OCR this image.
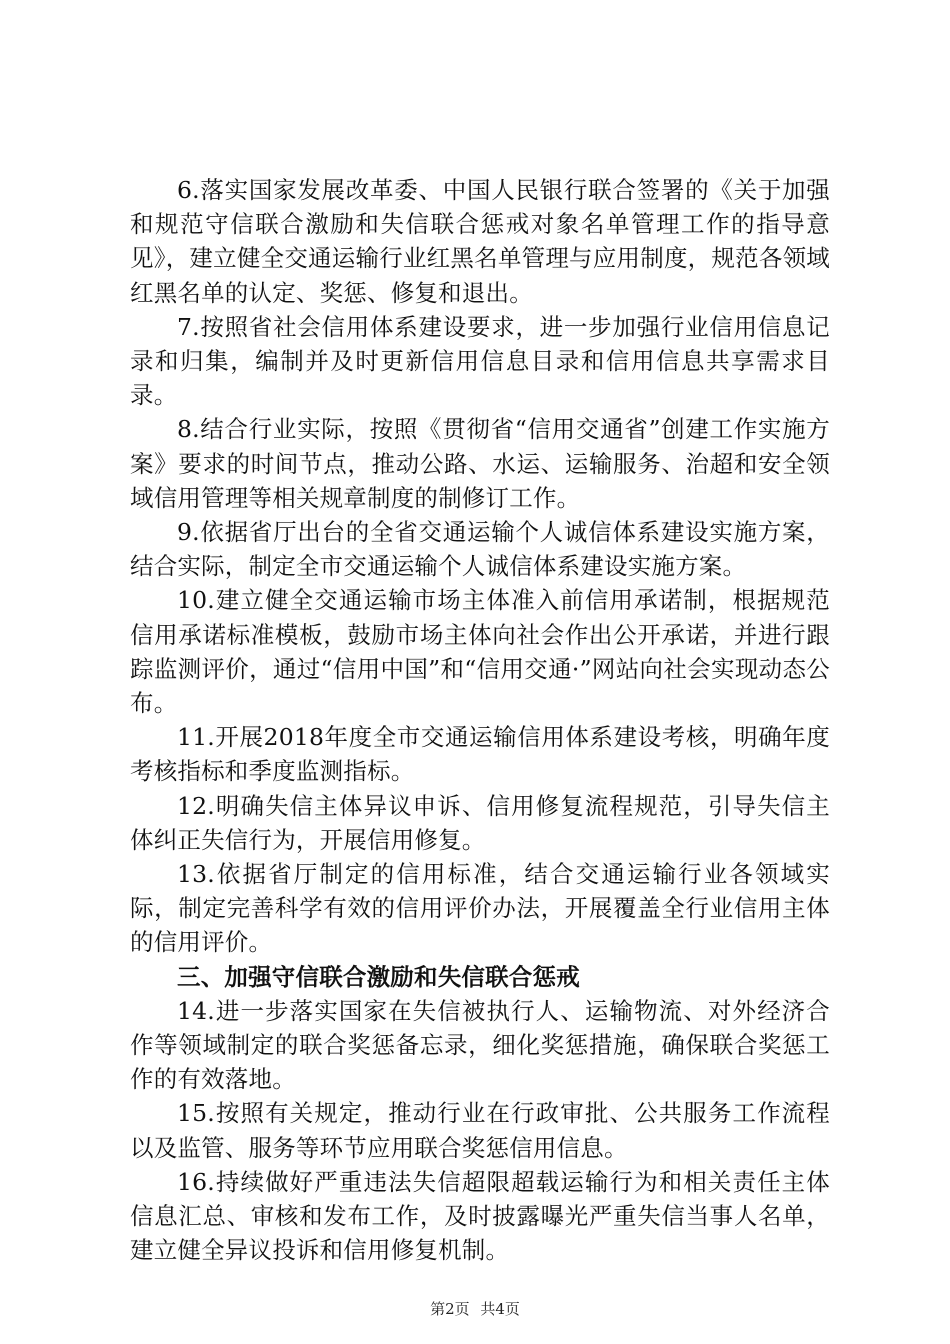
6.落实国家发展改革委、中国人民银行联合签署的《关于加强和规范守信联合激励和失信联合惩戒对象名单管理工作的指导意见》，建立健全交通运输行业红黑名单管理与应用制度，规范各领域红黑名单的认定、奖惩、修复和退出。

7.按照省社会信用体系建设要求，进一步加强行业信用信息记录和归集，编制并及时更新信用信息目录和信用信息共享需求目录。

8.结合行业实际，按照《贯彻省“信用交通省”创建工作实施方案》要求的时间节点，推动公路、水运、运输服务、治超和安全领域信用管理等相关规章制度的制修订工作。

9.依据省厅出台的全省交通运输个人诚信体系建设实施方案，结合实际，制定全市交通运输个人诚信体系建设实施方案。

10.建立健全交通运输市场主体准入前信用承诺制，根据规范信用承诺标准模板，鼓励市场主体向社会作出公开承诺，并进行跟踪监测评价，通过“信用中国”和“信用交通·”网站向社会实现动态公布。

11.开展2018年度全市交通运输信用体系建设考核，明确年度考核指标和季度监测指标。

12.明确失信主体异议申诉、信用修复流程规范，引导失信主体纠正失信行为，开展信用修复。

13.依据省厅制定的信用标准，结合交通运输行业各领域实际，制定完善科学有效的信用评价办法，开展覆盖全行业信用主体的信用评价。

三、加强守信联合激励和失信联合惩戒

14.进一步落实国家在失信被执行人、运输物流、对外经济合作等领域制定的联合奖惩备忘录，细化奖惩措施，确保联合奖惩工作的有效落地。

15.按照有关规定，推动行业在行政审批、公共服务工作流程以及监管、服务等环节应用联合奖惩信用信息。

16.持续做好严重违法失信超限超载运输行为和相关责任主体信息汇总、审核和发布工作，及时披露曝光严重失信当事人名单，建立健全异议投诉和信用修复机制。

第2页 共4页
